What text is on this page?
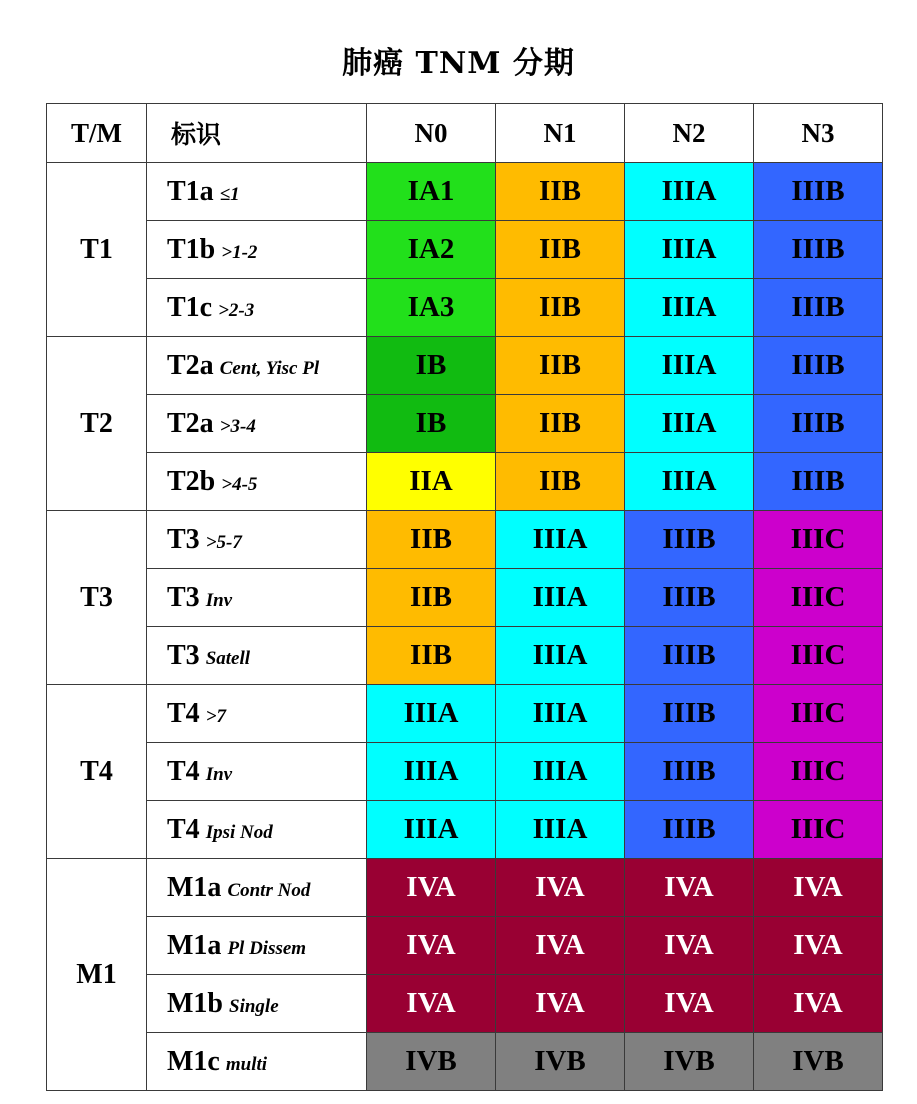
肺癌 TNM 分期
T/M	标识	N0	N1	N2	N3
T1	T1a ≤1	IA1	IIB	IIIA	IIIB
	T1b >1-2	IA2	IIB	IIIA	IIIB
	T1c >2-3	IA3	IIB	IIIA	IIIB
T2	T2a Cent, Yisc Pl	IB	IIB	IIIA	IIIB
	T2a >3-4	IB	IIB	IIIA	IIIB
	T2b >4-5	IIA	IIB	IIIA	IIIB
T3	T3 >5-7	IIB	IIIA	IIIB	IIIC
	T3 Inv	IIB	IIIA	IIIB	IIIC
	T3 Satell	IIB	IIIA	IIIB	IIIC
T4	T4 >7	IIIA	IIIA	IIIB	IIIC
	T4 Inv	IIIA	IIIA	IIIB	IIIC
	T4 Ipsi Nod	IIIA	IIIA	IIIB	IIIC
M1	M1a Contr Nod	IVA	IVA	IVA	IVA
	M1a Pl Dissem	IVA	IVA	IVA	IVA
	M1b Single	IVA	IVA	IVA	IVA
	M1c multi	IVB	IVB	IVB	IVB
